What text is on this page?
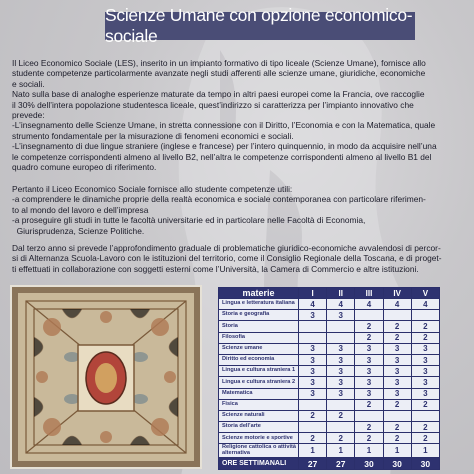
Scienze Umane con opzione economico-sociale

Il Liceo Economico Sociale (LES), inserito in un impianto formativo di tipo liceale (Scienze Umane), fornisce allo

studente competenze particolarmente avanzate negli studi afferenti alle scienze umane, giuridiche, economiche

e sociali.

Nato sulla base di analoghe esperienze maturate da tempo in altri paesi europei come la Francia, ove raccoglie

il 30% dell’intera popolazione studentesca liceale, quest’indirizzo si caratterizza per l’impianto innovativo che

prevede:

-L’insegnamento delle Scienze Umane, in stretta connessione con il Diritto, l’Economia e con la Matematica, quale

strumento fondamentale per la misurazione di fenomeni economici e sociali.

-L’insegnamento di due lingue straniere (inglese e francese) per l’intero quinquennio, in modo da acquisire nell’una

le competenze corrispondenti almeno al livello B2, nell’altra le competenze corrispondenti almeno al livello B1 del

quadro comune europeo di riferimento.

Pertanto il Liceo Economico Sociale fornisce allo studente competenze utili:

-a comprendere le dinamiche proprie della realtà economica e sociale contemporanea con particolare riferimen-

to al mondo del lavoro e dell’impresa

-a proseguire gli studi in tutte le facoltà universitarie ed in particolare nelle Facoltà di Economia,

Giurisprudenza, Scienze Politiche.

Dal terzo anno si prevede l’approfondimento graduale di problematiche giuridico-economiche avvalendosi di percor-

si di Alternanza Scuola-Lavoro con le istituzioni del territorio, come il Consiglio Regionale della Toscana, e di proget-

ti effettuati in collaborazione con soggetti esterni come l’Università, la Camera di Commercio e altre istituzioni.

materie	I	II	III	IV	V
Lingua e letteratura italiana	4	4	4	4	4
Storia e geografia	3	3			
Storia			2	2	2
Filosofia			2	2	2
Scienze umane	3	3	3	3	3
Diritto ed economia	3	3	3	3	3
Lingua e cultura straniera 1	3	3	3	3	3
Lingua e cultura straniera 2	3	3	3	3	3
Matematica	3	3	3	3	3
Fisica			2	2	2
Scienze naturali	2	2			
Storia dell’arte			2	2	2
Scienze motorie e sportive	2	2	2	2	2
Religione cattolica o attività alternativa	1	1	1	1	1
ORE SETTIMANALI	27	27	30	30	30
